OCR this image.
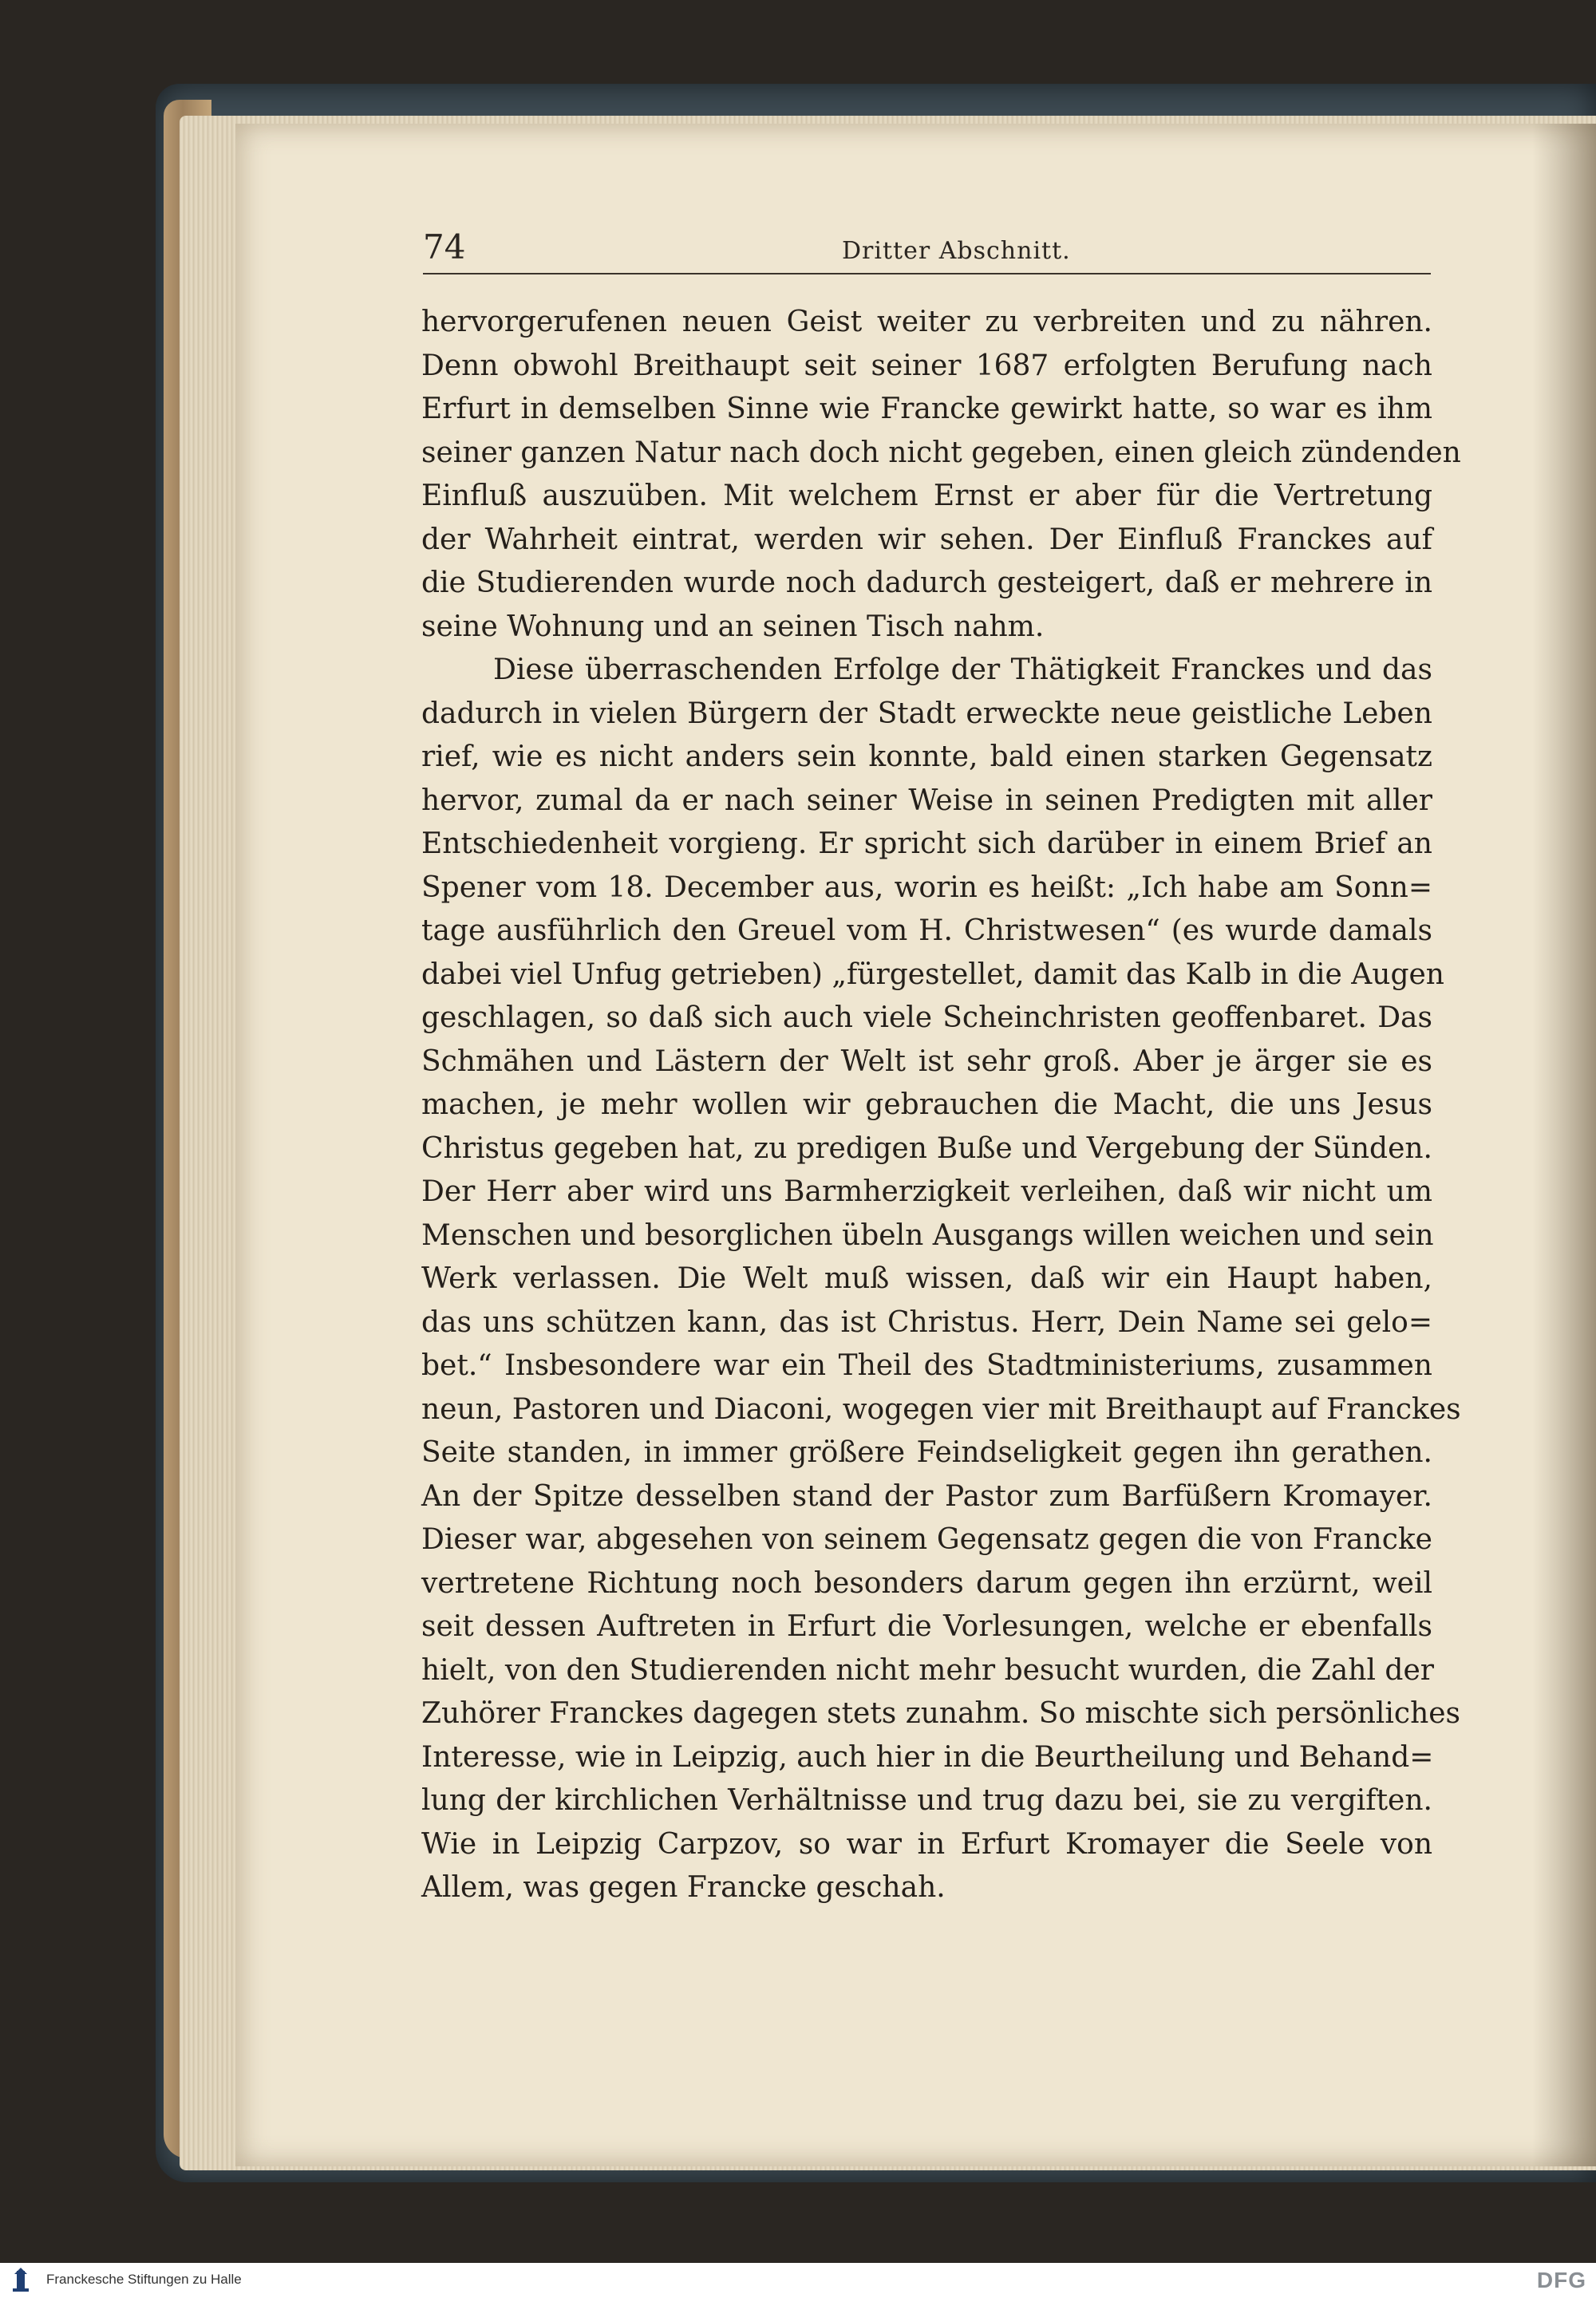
74	Dritter Abschnitt.
hervorgerufenen neuen Geist weiter zu verbreiten und zu nähren.
Denn obwohl Breithaupt seit seiner 1687 erfolgten Berufung nach
Erfurt in demselben Sinne wie Francke gewirkt hatte, so war es ihm
seiner ganzen Natur nach doch nicht gegeben, einen gleich zündenden
Einfluß auszuüben. Mit welchem Ernst er aber für die Vertretung
der Wahrheit eintrat, werden wir sehen. Der Einfluß Franckes auf
die Studierenden wurde noch dadurch gesteigert, daß er mehrere in
seine Wohnung und an seinen Tisch nahm.
Diese überraschenden Erfolge der Thätigkeit Franckes und das
dadurch in vielen Bürgern der Stadt erweckte neue geistliche Leben
rief, wie es nicht anders sein konnte, bald einen starken Gegensatz
hervor, zumal da er nach seiner Weise in seinen Predigten mit aller
Entschiedenheit vorgieng. Er spricht sich darüber in einem Brief an
Spener vom 18. December aus, worin es heißt: „Ich habe am Sonn=
tage ausführlich den Greuel vom H. Christwesen“ (es wurde damals
dabei viel Unfug getrieben) „fürgestellet, damit das Kalb in die Augen
geschlagen, so daß sich auch viele Scheinchristen geoffenbaret. Das
Schmähen und Lästern der Welt ist sehr groß. Aber je ärger sie es
machen, je mehr wollen wir gebrauchen die Macht, die uns Jesus
Christus gegeben hat, zu predigen Buße und Vergebung der Sünden.
Der Herr aber wird uns Barmherzigkeit verleihen, daß wir nicht um
Menschen und besorglichen übeln Ausgangs willen weichen und sein
Werk verlassen. Die Welt muß wissen, daß wir ein Haupt haben,
das uns schützen kann, das ist Christus. Herr, Dein Name sei gelo=
bet.“ Insbesondere war ein Theil des Stadtministeriums, zusammen
neun, Pastoren und Diaconi, wogegen vier mit Breithaupt auf Franckes
Seite standen, in immer größere Feindseligkeit gegen ihn gerathen.
An der Spitze desselben stand der Pastor zum Barfüßern Kromayer.
Dieser war, abgesehen von seinem Gegensatz gegen die von Francke
vertretene Richtung noch besonders darum gegen ihn erzürnt, weil
seit dessen Auftreten in Erfurt die Vorlesungen, welche er ebenfalls
hielt, von den Studierenden nicht mehr besucht wurden, die Zahl der
Zuhörer Franckes dagegen stets zunahm. So mischte sich persönliches
Interesse, wie in Leipzig, auch hier in die Beurtheilung und Behand=
lung der kirchlichen Verhältnisse und trug dazu bei, sie zu vergiften.
Wie in Leipzig Carpzov, so war in Erfurt Kromayer die Seele von
Allem, was gegen Francke geschah.
Franckesche Stiftungen zu Halle	DFG
